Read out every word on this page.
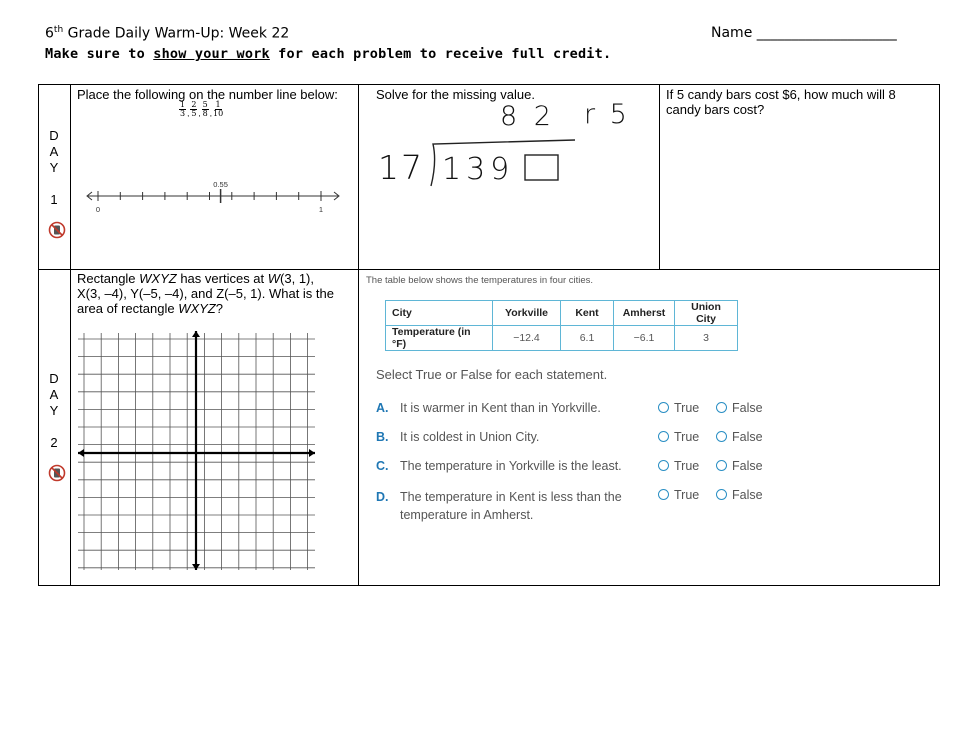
6th Grade Daily Warm-Up: Week 22	Name ____________________
Make sure to show your work for each problem to receive full credit.
D
A
Y
1
D
A
Y
2
Place the following on the number line below:
$\frac{1}{3}$ , $\frac{2}{5}$ , $\frac{5}{8}$ , $\frac{1}{10}$
0.55
0	1
Solve for the missing value.
8 2 r 5
17 139
If 5 candy bars cost $6, how much will 8 candy bars cost?
Rectangle WXYZ has vertices at W(3, 1),
X(3, –4), Y(–5, –4), and Z(–5, 1). What is the
area of rectangle WXYZ?
The table below shows the temperatures in four cities.
City	Yorkville	Kent	Amherst	Union City
Temperature (in °F)	−12.4	6.1	−6.1	3
Select True or False for each statement.
A. It is warmer in Kent than in Yorkville.
B. It is coldest in Union City.
C. The temperature in Yorkville is the least.
D. The temperature in Kent is less than the
temperature in Amherst.
True	False
True	False
True	False
True	False
